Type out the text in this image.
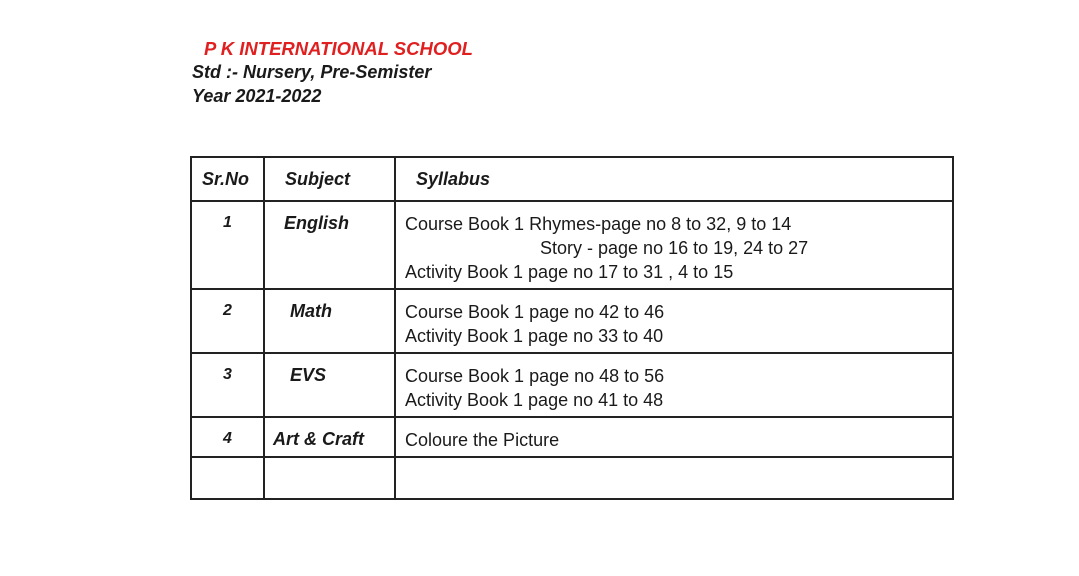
P K INTERNATIONAL SCHOOL
Std :- Nursery, Pre-Semister
Year 2021-2022
Sr.No	Subject	Syllabus
1	English	Course Book 1 Rhymes-page no 8 to 32, 9 to 14
Story - page no 16 to 19, 24 to 27
Activity Book 1 page no 17 to 31 , 4 to 15

2	Math	Course Book 1 page no 42 to 46
Activity Book 1 page no 33 to 40

3	EVS	Course Book 1 page no 48 to 56
Activity Book 1 page no 41 to 48

4	Art & Craft	Coloure the Picture
